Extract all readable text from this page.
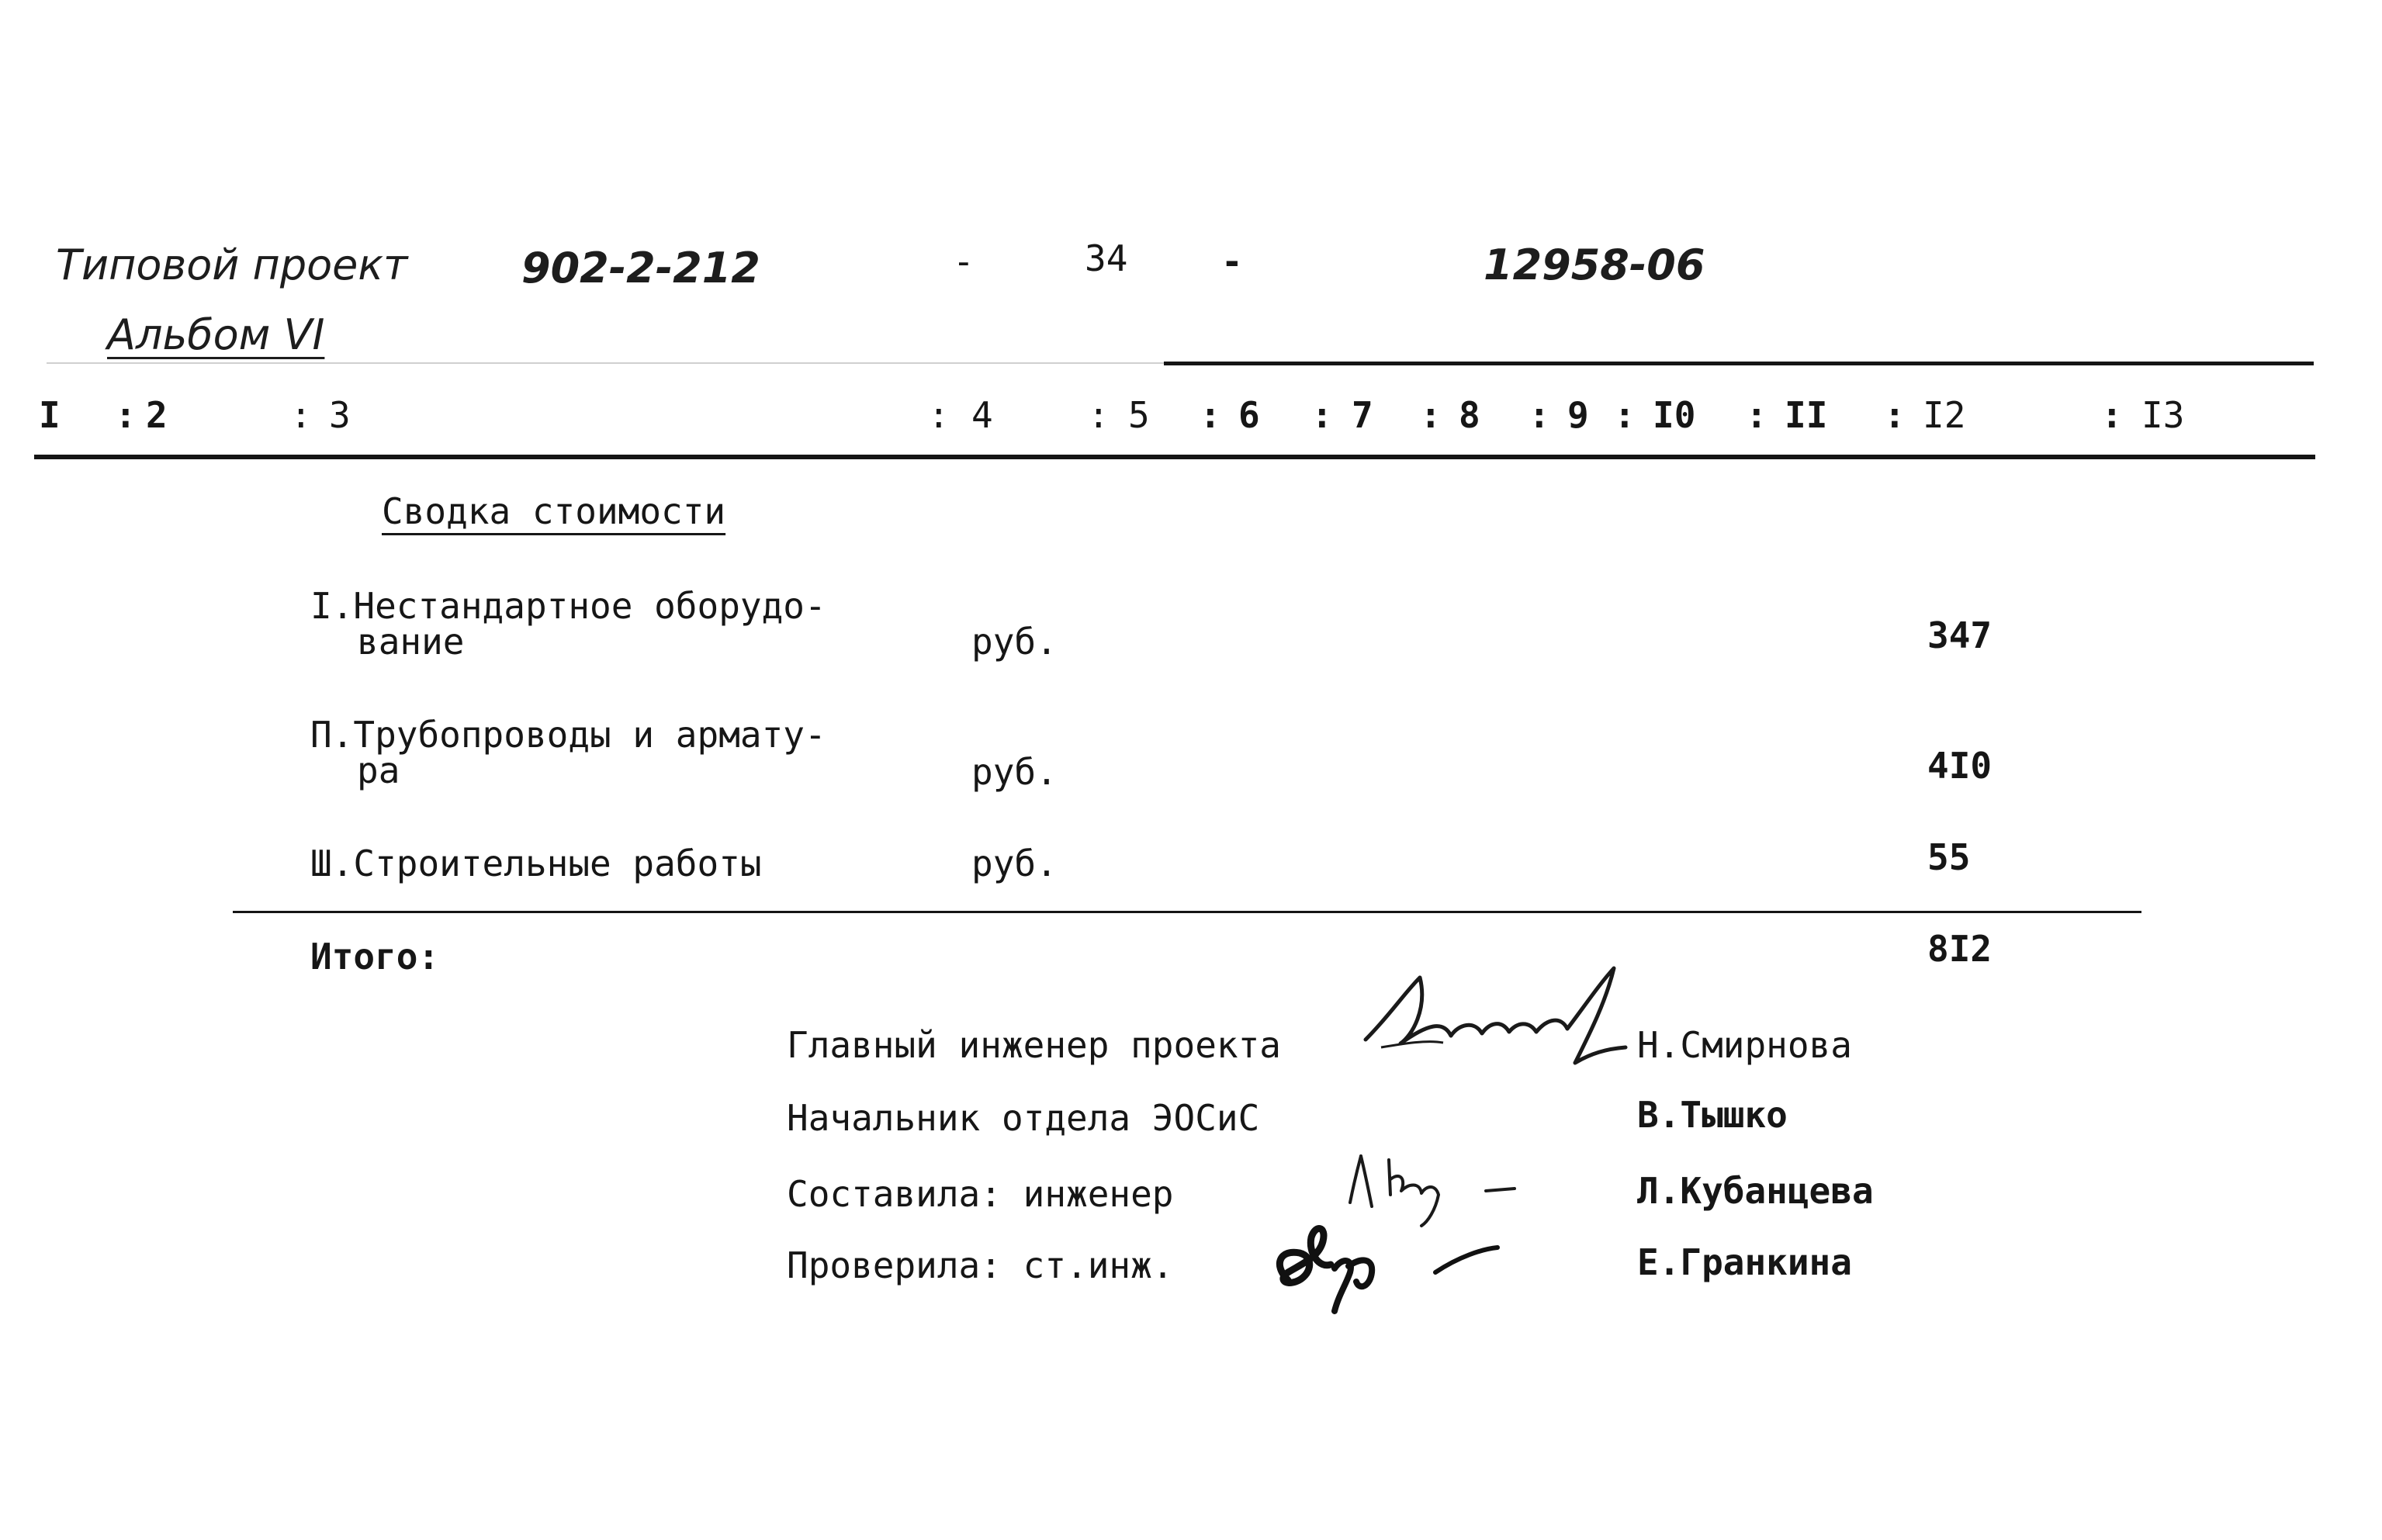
Типовой проект	902-2-212	-	34	-	12958-06
Альбом VI
I : 2	: 3	: 4	: 5 : 6 : 7 : 8 : 9 : I0 : II : I2	: I3
Сводка стоимости
I.Нестандартное оборудо-
вание	руб.	347
П.Трубопроводы и армату-
ра	руб.	4I0
Ш.Строительные работы	руб.	55
Итого:	8I2
Главный инженер проекта	Н.Смирнова
Начальник отдела ЭОСиС	В.Тышко
Составила: инженер	Л.Кубанцева
Проверила: ст.инж.	Е.Гранкина
